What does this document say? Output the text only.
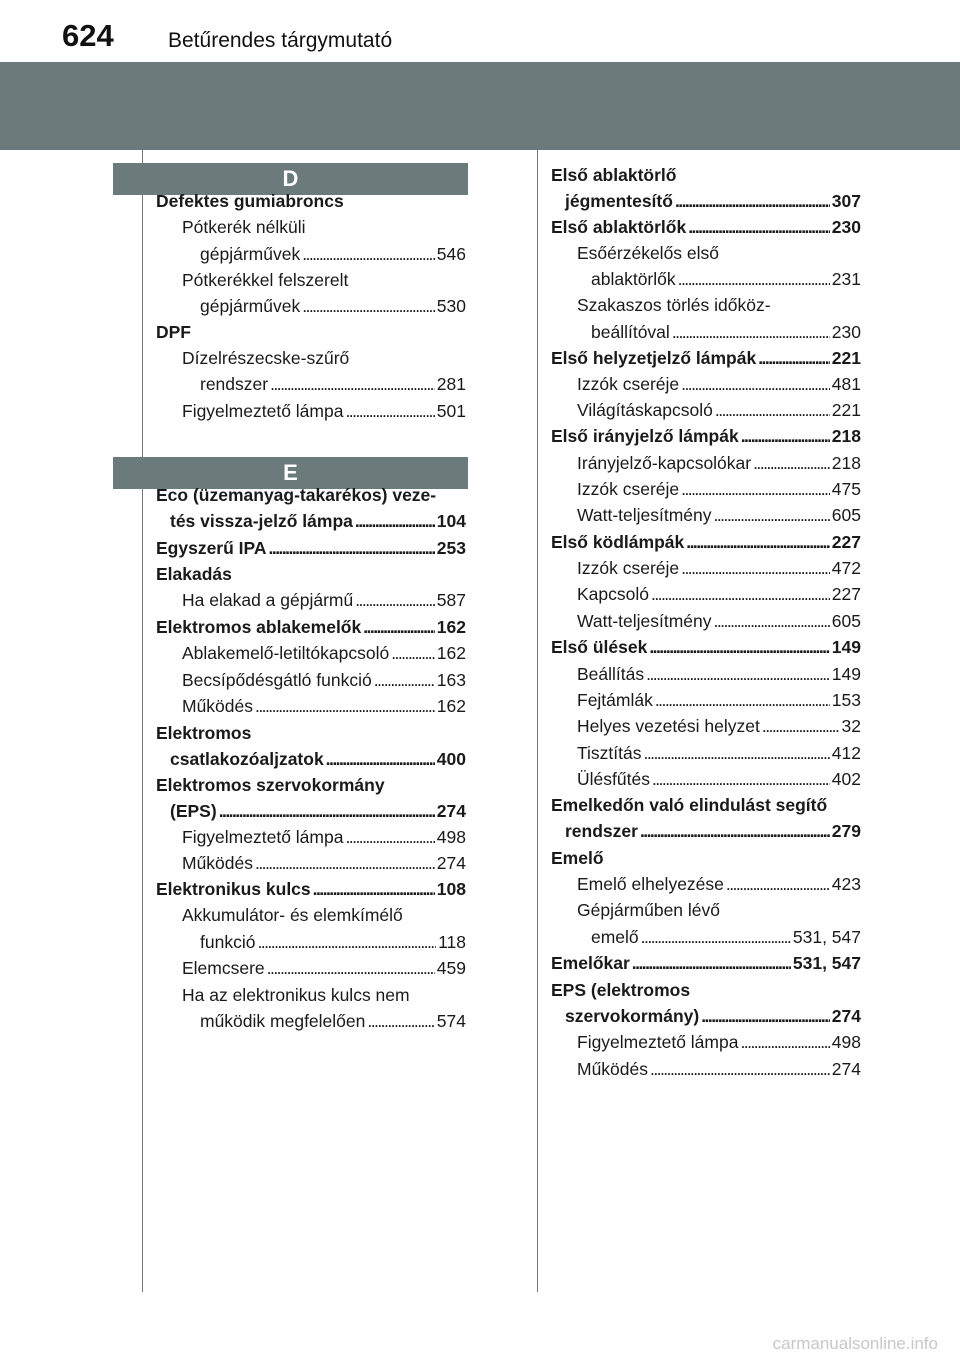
624	Betűrendes tárgymutató
D
E
Defektes gumiabroncs
Pótkerék nélküli
gépjárművek . . .	546
Pótkerékkel felszerelt
gépjárművek . . .	530
DPF
Dízelrészecske-szűrő
rendszer . . .	281
Figyelmeztető lámpa . . .	501
Eco (üzemanyag-takarékos) veze-
tés vissza-jelző lámpa . . .	104
Egyszerű IPA . . .	253
Elakadás
Ha elakad a gépjármű . . .	587
Elektromos ablakemelők . . .	162
Ablakemelő-letiltókapcsoló . . .	162
Becsípődésgátló funkció . . .	163
Működés . . .	162
Elektromos
csatlakozóaljzatok . . .	400
Elektromos szervokormány
(EPS) . . .	274
Figyelmeztető lámpa . . .	498
Működés . . .	274
Elektronikus kulcs . . .	108
Akkumulátor- és elemkímélő
funkció . . .	118
Elemcsere . . .	459
Ha az elektronikus kulcs nem
működik megfelelően . . .	574
Első ablaktörlő
jégmentesítő . . .	307
Első ablaktörlők . . .	230
Esőérzékelős első
ablaktörlők . . .	231
Szakaszos törlés időköz-
beállítóval . . .	230
Első helyzetjelző lámpák . . .	221
Izzók cseréje . . .	481
Világításkapcsoló . . .	221
Első irányjelző lámpák . . .	218
Irányjelző-kapcsolókar . . .	218
Izzók cseréje . . .	475
Watt-teljesítmény . . .	605
Első ködlámpák . . .	227
Izzók cseréje . . .	472
Kapcsoló . . .	227
Watt-teljesítmény . . .	605
Első ülések . . .	149
Beállítás . . .	149
Fejtámlák . . .	153
Helyes vezetési helyzet . . .	32
Tisztítás . . .	412
Ülésfűtés . . .	402
Emelkedőn való elindulást segítő
rendszer . . .	279
Emelő
Emelő elhelyezése . . .	423
Gépjárműben lévő
emelő . . .	531, 547
Emelőkar . . .	531, 547
EPS (elektromos
szervokormány) . . .	274
Figyelmeztető lámpa . . .	498
Működés . . .	274
carmanualsonline.info
